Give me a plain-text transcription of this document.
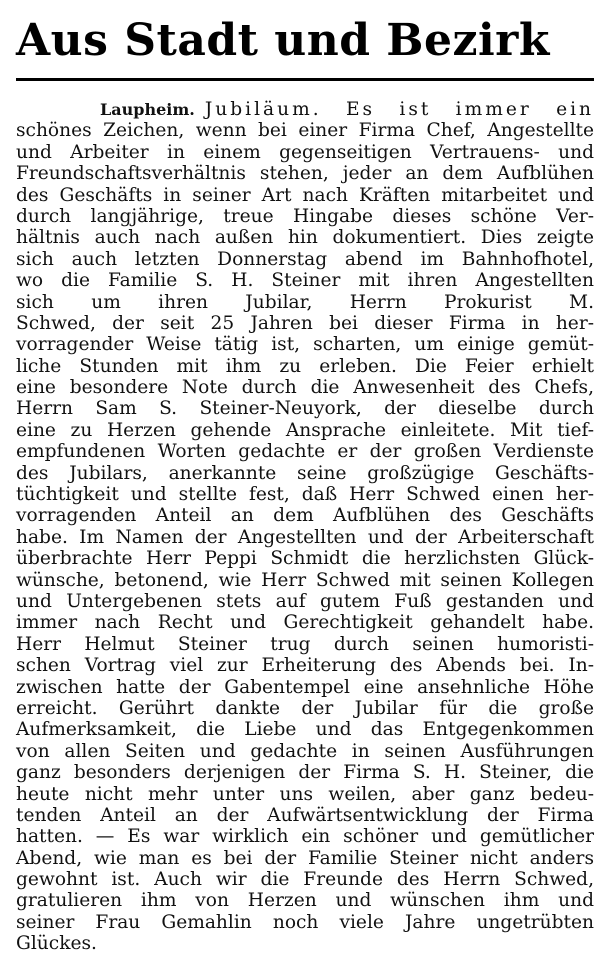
Aus Stadt und Bezirk
Laupheim. Jubiläum. Es ist immer ein
schönes Zeichen, wenn bei einer Firma Chef, Angestellte
und Arbeiter in einem gegenseitigen Vertrauens- und
Freundschaftsverhältnis stehen, jeder an dem Aufblühen
des Geschäfts in seiner Art nach Kräften mitarbeitet und
durch langjährige, treue Hingabe dieses schöne Ver-
hältnis auch nach außen hin dokumentiert. Dies zeigte
sich auch letzten Donnerstag abend im Bahnhofhotel,
wo die Familie S. H. Steiner mit ihren Angestellten
sich um ihren Jubilar, Herrn Prokurist M.
Schwed, der seit 25 Jahren bei dieser Firma in her-
vorragender Weise tätig ist, scharten, um einige gemüt-
liche Stunden mit ihm zu erleben. Die Feier erhielt
eine besondere Note durch die Anwesenheit des Chefs,
Herrn Sam S. Steiner-Neuyork, der dieselbe durch
eine zu Herzen gehende Ansprache einleitete. Mit tief-
empfundenen Worten gedachte er der großen Verdienste
des Jubilars, anerkannte seine großzügige Geschäfts-
tüchtigkeit und stellte fest, daß Herr Schwed einen her-
vorragenden Anteil an dem Aufblühen des Geschäfts
habe. Im Namen der Angestellten und der Arbeiterschaft
überbrachte Herr Peppi Schmidt die herzlichsten Glück-
wünsche, betonend, wie Herr Schwed mit seinen Kollegen
und Untergebenen stets auf gutem Fuß gestanden und
immer nach Recht und Gerechtigkeit gehandelt habe.
Herr Helmut Steiner trug durch seinen humoristi-
schen Vortrag viel zur Erheiterung des Abends bei. In-
zwischen hatte der Gabentempel eine ansehnliche Höhe
erreicht. Gerührt dankte der Jubilar für die große
Aufmerksamkeit, die Liebe und das Entgegenkommen
von allen Seiten und gedachte in seinen Ausführungen
ganz besonders derjenigen der Firma S. H. Steiner, die
heute nicht mehr unter uns weilen, aber ganz bedeu-
tenden Anteil an der Aufwärtsentwicklung der Firma
hatten. — Es war wirklich ein schöner und gemütlicher
Abend, wie man es bei der Familie Steiner nicht anders
gewohnt ist. Auch wir die Freunde des Herrn Schwed,
gratulieren ihm von Herzen und wünschen ihm und
seiner Frau Gemahlin noch viele Jahre ungetrübten
Glückes.
